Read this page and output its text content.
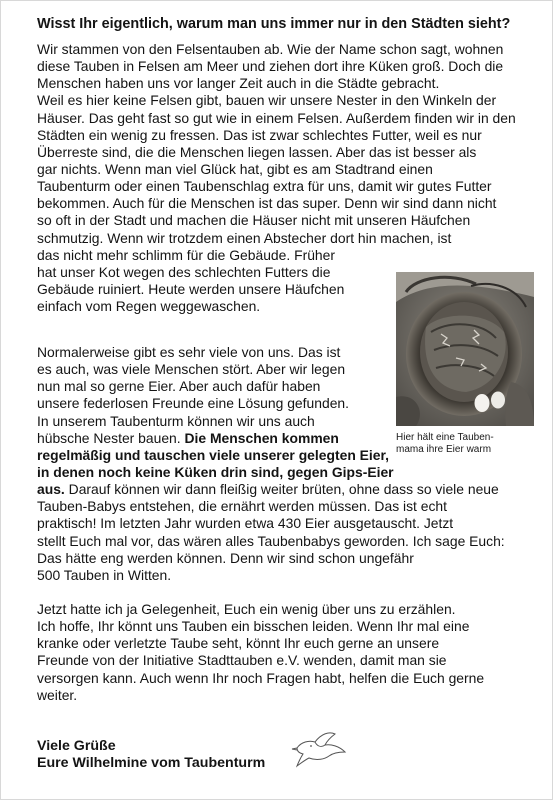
Wisst Ihr eigentlich, warum man uns immer nur in den Städten sieht?
Wir stammen von den Felsentauben ab. Wie der Name schon sagt, wohnen
diese Tauben in Felsen am Meer und ziehen dort ihre Küken groß. Doch die
Menschen haben uns vor langer Zeit auch in die Städte gebracht.
Weil es hier keine Felsen gibt, bauen wir unsere Nester in den Winkeln der
Häuser. Das geht fast so gut wie in einem Felsen. Außerdem finden wir in den
Städten ein wenig zu fressen. Das ist zwar schlechtes Futter, weil es nur
Überreste sind, die die Menschen liegen lassen. Aber das ist besser als
gar nichts. Wenn man viel Glück hat, gibt es am Stadtrand einen
Taubenturm oder einen Taubenschlag extra für uns, damit wir gutes Futter
bekommen. Auch für die Menschen ist das super. Denn wir sind dann nicht
so oft in der Stadt und machen die Häuser nicht mit unseren Häufchen
schmutzig. Wenn wir trotzdem einen Abstecher dort hin machen, ist
das nicht mehr schlimm für die Gebäude. Früher
hat unser Kot wegen des schlechten Futters die
Gebäude ruiniert. Heute werden unsere Häufchen
einfach vom Regen weggewaschen.
Hier hält eine Tauben-
mama ihre Eier warm
Normalerweise gibt es sehr viele von uns. Das ist
es auch, was viele Menschen stört. Aber wir legen
nun mal so gerne Eier. Aber auch dafür haben
unsere federlosen Freunde eine Lösung gefunden.
In unserem Taubenturm können wir uns auch
hübsche Nester bauen. Die Menschen kommen
regelmäßig und tauschen viele unserer gelegten Eier,
in denen noch keine Küken drin sind, gegen Gips-Eier
aus. Darauf können wir dann fleißig weiter brüten, ohne dass so viele neue
Tauben-Babys entstehen, die ernährt werden müssen. Das ist echt
praktisch! Im letzten Jahr wurden etwa 430 Eier ausgetauscht. Jetzt
stellt Euch mal vor, das wären alles Taubenbabys geworden. Ich sage Euch:
Das hätte eng werden können. Denn wir sind schon ungefähr
500 Tauben in Witten.
Jetzt hatte ich ja Gelegenheit, Euch ein wenig über uns zu erzählen.
Ich hoffe, Ihr könnt uns Tauben ein bisschen leiden. Wenn Ihr mal eine
kranke oder verletzte Taube seht, könnt Ihr euch gerne an unsere
Freunde von der Initiative Stadttauben e.V. wenden, damit man sie
versorgen kann. Auch wenn Ihr noch Fragen habt, helfen die Euch gerne
weiter.
Viele Grüße
Eure Wilhelmine vom Taubenturm
